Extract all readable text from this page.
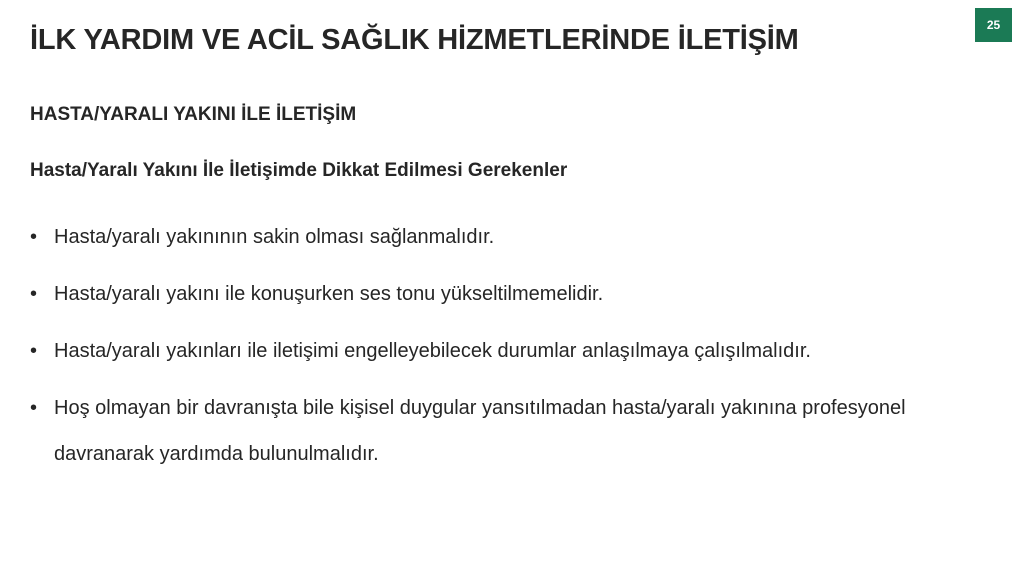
İLK YARDIM VE ACİL SAĞLIK HİZMETLERİNDE İLETİŞİM	25
HASTA/YARALI YAKINI İLE İLETİŞİM
Hasta/Yaralı Yakını İle İletişimde Dikkat Edilmesi Gerekenler
• Hasta/yaralı yakınının sakin olması sağlanmalıdır.
• Hasta/yaralı yakını ile konuşurken ses tonu yükseltilmemelidir.
• Hasta/yaralı yakınları ile iletişimi engelleyebilecek durumlar anlaşılmaya çalışılmalıdır.
• Hoş olmayan bir davranışta bile kişisel duygular yansıtılmadan hasta/yaralı yakınına profesyonel davranarak yardımda bulunulmalıdır.
